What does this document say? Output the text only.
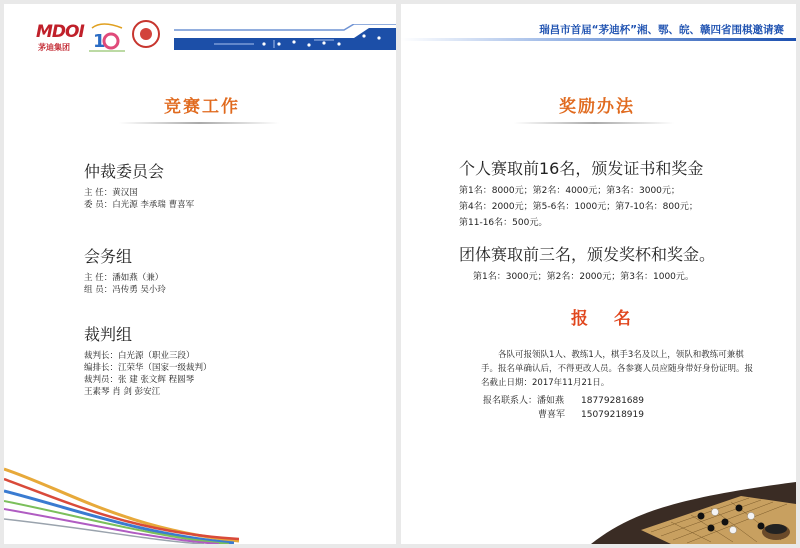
MDOI
茅迪集团 1
竞赛工作
仲裁委员会
主 任：黄汉国
委 员：白光源 李承瑞 曹喜军
会务组
主 任：潘如燕（兼）
组 员：冯传勇 吴小玲
裁判组
裁判长：白光源（职业三段）
编排长：江荣华（国家一级裁判）
裁判员：张 建 张文辉 程圆琴
王素琴 肖 剑 彭安江
瑞昌市首届“茅迪杯”湘、鄂、皖、赣四省围棋邀请赛
奖励办法
个人赛取前16名，颁发证书和奖金
第1名：8000元；第2名：4000元；第3名：3000元；
第4名：2000元；第5-6名：1000元；第7-10名：800元；
第11-16名：500元。
团体赛取前三名，颁发奖杯和奖金。
第1名：3000元；第2名：2000元；第3名：1000元。
报 名

各队可报领队1人、教练1人，棋手3名及以上，领队和教练可兼棋手。报名单确认后，不得更改人员。各参赛人员应随身带好身份证明。报名截止日期：2017年11月21日。

报名联系人：潘如燕 18779281689
曹喜军 15079218919
